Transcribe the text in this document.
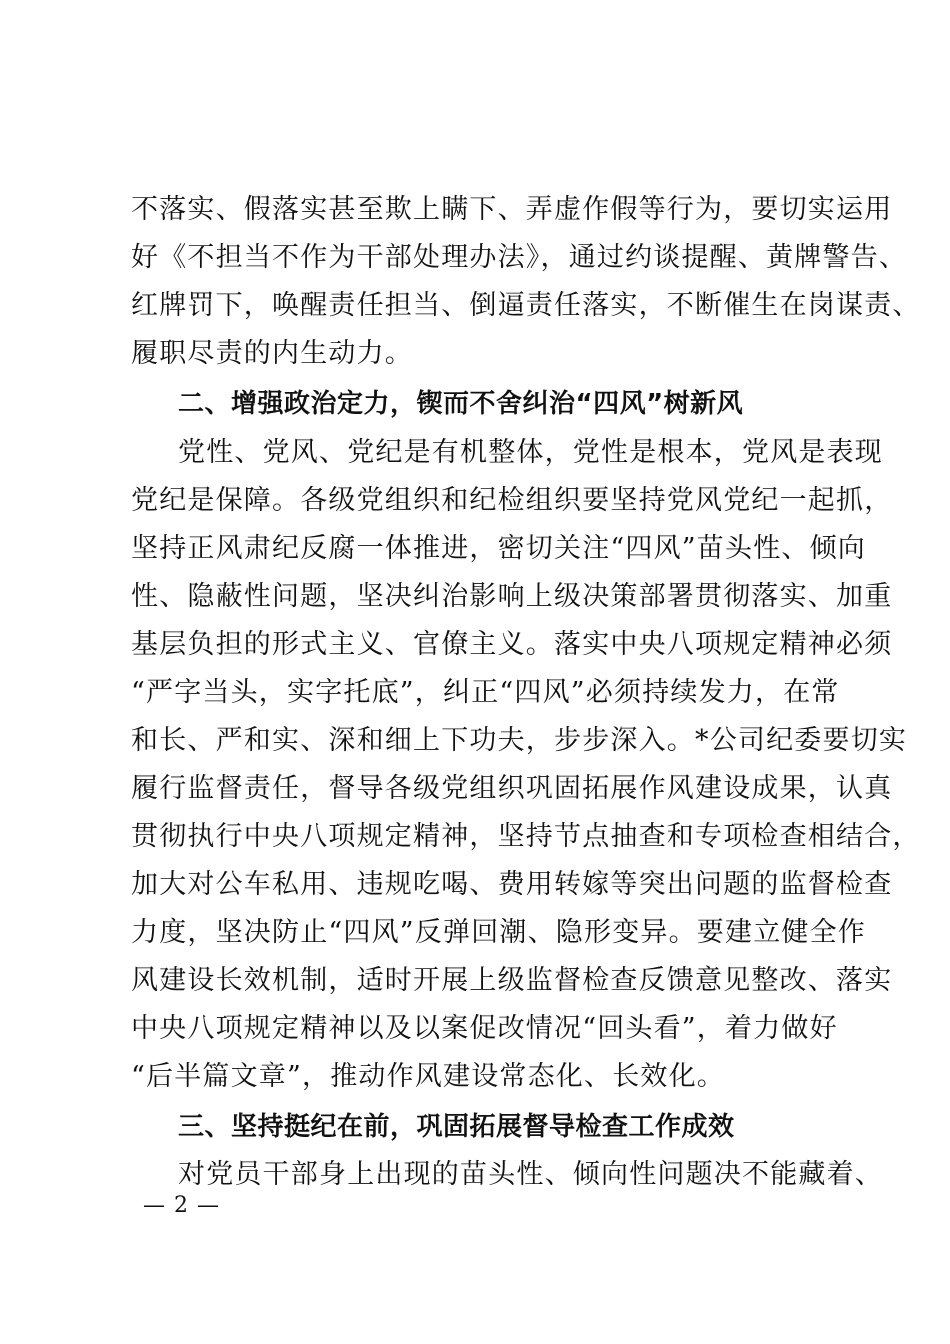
不落实、假落实甚至欺上瞒下、弄虚作假等行为，要切实运用
好《不担当不作为干部处理办法》，通过约谈提醒、黄牌警告、
红牌罚下，唤醒责任担当、倒逼责任落实，不断催生在岗谋责、
履职尽责的内生动力。
二、增强政治定力，锲而不舍纠治“四风”树新风
党性、党风、党纪是有机整体，党性是根本，党风是表现
党纪是保障。各级党组织和纪检组织要坚持党风党纪一起抓，
坚持正风肃纪反腐一体推进，密切关注“四风”苗头性、倾向
性、隐蔽性问题，坚决纠治影响上级决策部署贯彻落实、加重
基层负担的形式主义、官僚主义。落实中央八项规定精神必须
“严字当头，实字托底”，纠正“四风”必须持续发力，在常
和长、严和实、深和细上下功夫，步步深入。*公司纪委要切实
履行监督责任，督导各级党组织巩固拓展作风建设成果，认真
贯彻执行中央八项规定精神，坚持节点抽查和专项检查相结合，
加大对公车私用、违规吃喝、费用转嫁等突出问题的监督检查
力度，坚决防止“四风”反弹回潮、隐形变异。要建立健全作
风建设长效机制，适时开展上级监督检查反馈意见整改、落实
中央八项规定精神以及以案促改情况“回头看”，着力做好
“后半篇文章”，推动作风建设常态化、长效化。
三、坚持挺纪在前，巩固拓展督导检查工作成效
对党员干部身上出现的苗头性、倾向性问题决不能藏着、
— 2 —
